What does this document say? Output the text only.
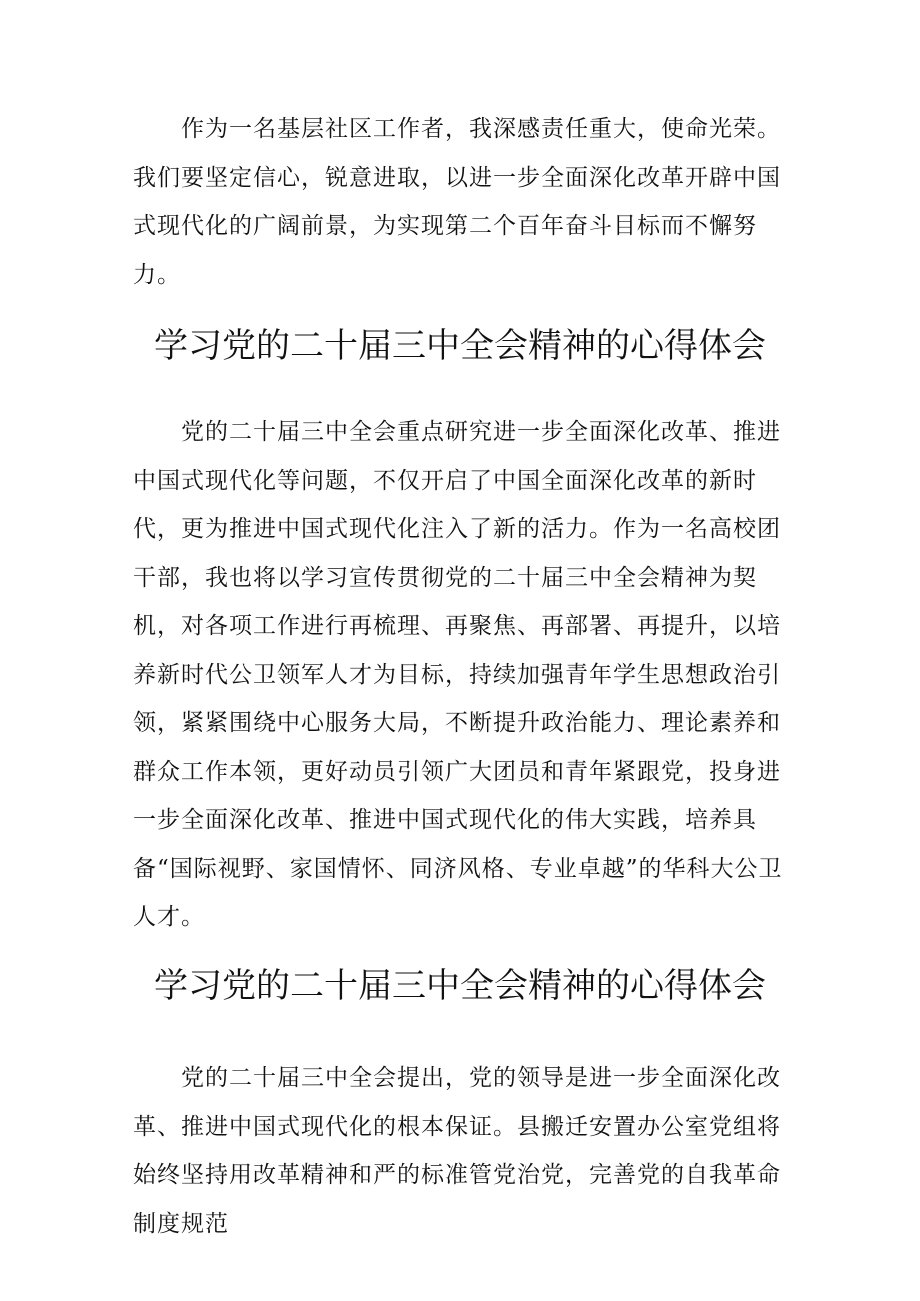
作为一名基层社区工作者，我深感责任重大，使命光荣。我们要坚定信心，锐意进取，以进一步全面深化改革开辟中国式现代化的广阔前景，为实现第二个百年奋斗目标而不懈努力。

学习党的二十届三中全会精神的心得体会

党的二十届三中全会重点研究进一步全面深化改革、推进中国式现代化等问题，不仅开启了中国全面深化改革的新时代，更为推进中国式现代化注入了新的活力。作为一名高校团干部，我也将以学习宣传贯彻党的二十届三中全会精神为契机，对各项工作进行再梳理、再聚焦、再部署、再提升，以培养新时代公卫领军人才为目标，持续加强青年学生思想政治引领，紧紧围绕中心服务大局，不断提升政治能力、理论素养和群众工作本领，更好动员引领广大团员和青年紧跟党，投身进一步全面深化改革、推进中国式现代化的伟大实践，培养具备“国际视野、家国情怀、同济风格、专业卓越”的华科大公卫人才。

学习党的二十届三中全会精神的心得体会

党的二十届三中全会提出，党的领导是进一步全面深化改革、推进中国式现代化的根本保证。县搬迁安置办公室党组将始终坚持用改革精神和严的标准管党治党，完善党的自我革命制度规范
